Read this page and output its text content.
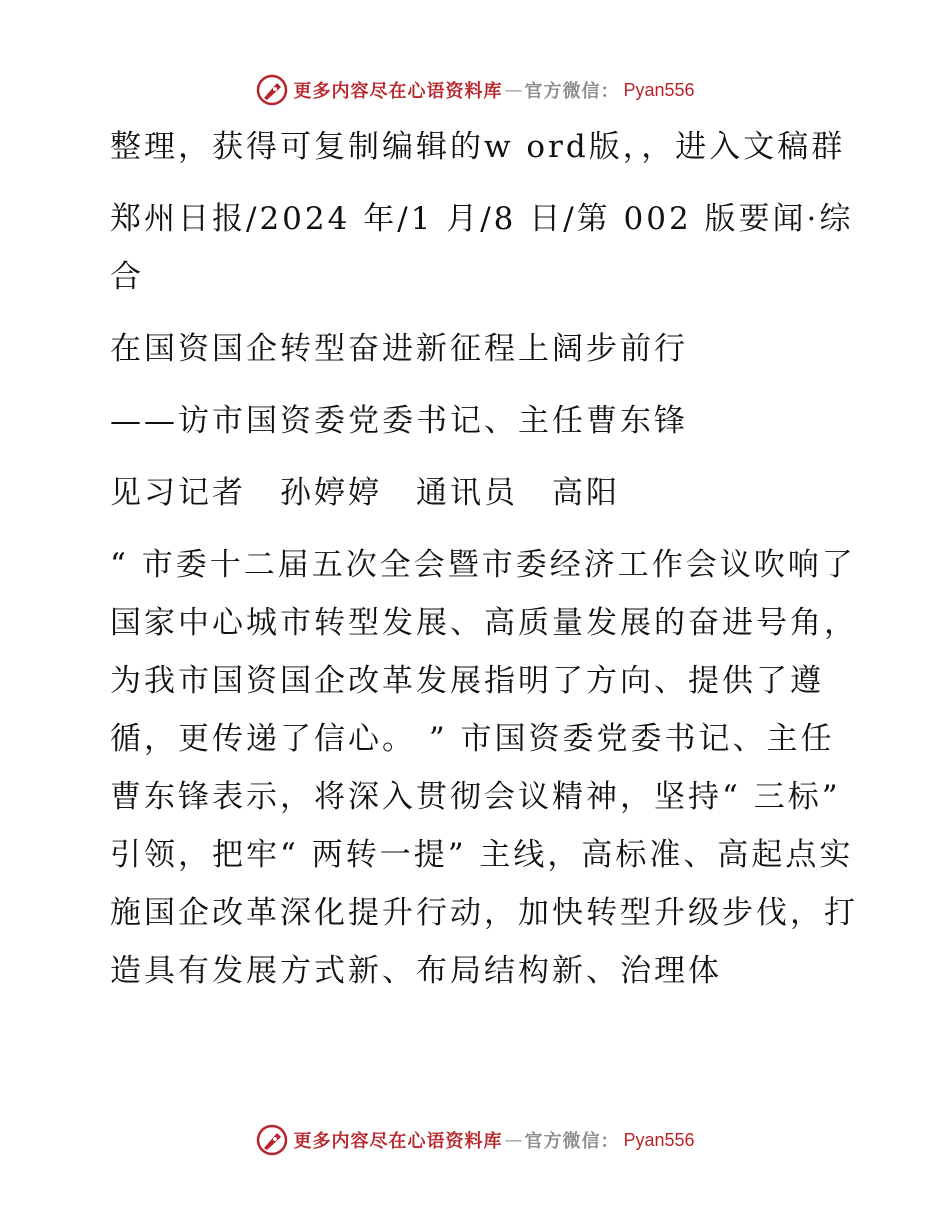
更多内容尽在心语资料库 — 官方微信： Pyan556

整理，获得可复制编辑的w ord版，，进入文稿群

郑州日报/2024 年/1 月/8 日/第 002 版要闻·综合

在国资国企转型奋进新征程上阔步前行

——访市国资委党委书记、主任曹东锋

见习记者　孙婷婷　通讯员　高阳

“ 市委十二届五次全会暨市委经济工作会议吹响了国家中心城市转型发展、高质量发展的奋进号角，为我市国资国企改革发展指明了方向、提供了遵循，更传递了信心。 ” 市国资委党委书记、主任曹东锋表示，将深入贯彻会议精神，坚持“ 三标” 引领，把牢“ 两转一提” 主线，高标准、高起点实施国企改革深化提升行动，加快转型升级步伐，打造具有发展方式新、布局结构新、治理体

更多内容尽在心语资料库 — 官方微信： Pyan556
